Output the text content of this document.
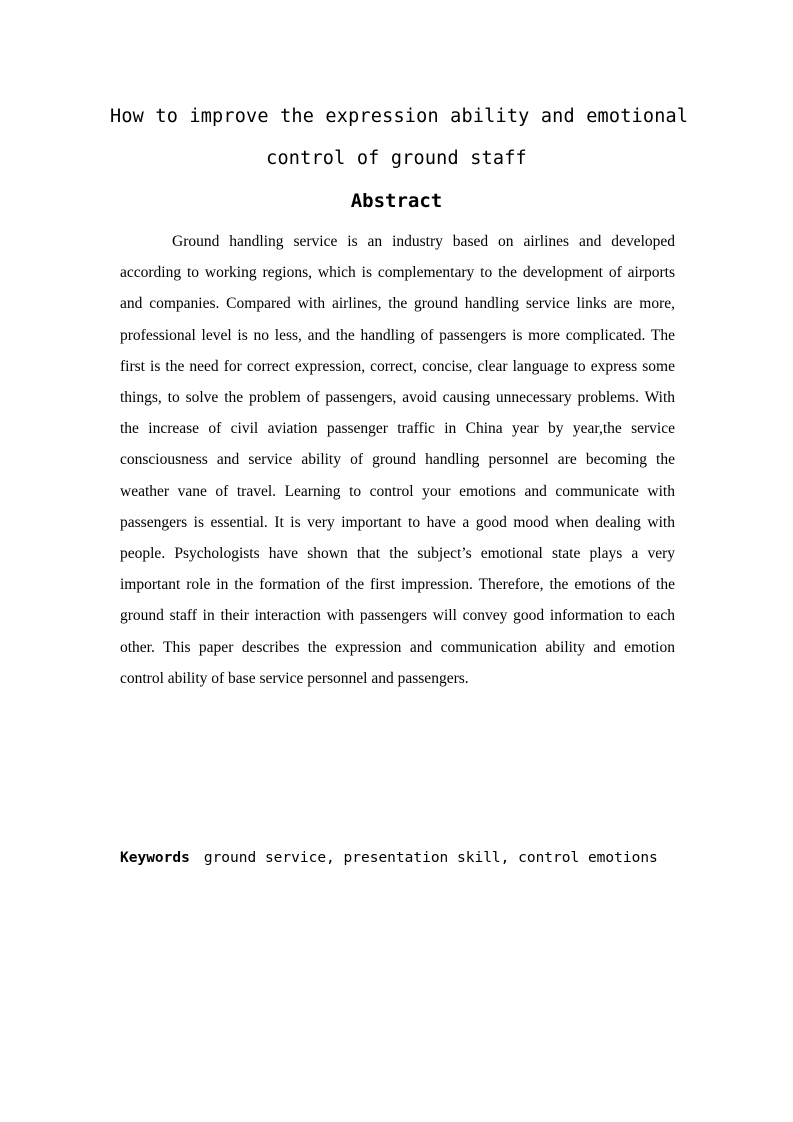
How to improve the expression ability and emotional
control of ground staff
Abstract

Ground handling service is an industry based on airlines and developed according to working regions, which is complementary to the development of airports and companies. Compared with airlines, the ground handling service links are more, professional level is no less, and the handling of passengers is more complicated. The first is the need for correct expression, correct, concise, clear language to express some things, to solve the problem of passengers, avoid causing unnecessary problems. With the increase of civil aviation passenger traffic in China year by year,the service consciousness and service ability of ground handling personnel are becoming the weather vane of travel. Learning to control your emotions and communicate with passengers is essential. It is very important to have a good mood when dealing with people. Psychologists have shown that the subject’s emotional state plays a very important role in the formation of the first impression. Therefore, the emotions of the ground staff in their interaction with passengers will convey good information to each other. This paper describes the expression and communication ability and emotion control ability of base service personnel and passengers.

Keywords ground service, presentation skill, control emotions
